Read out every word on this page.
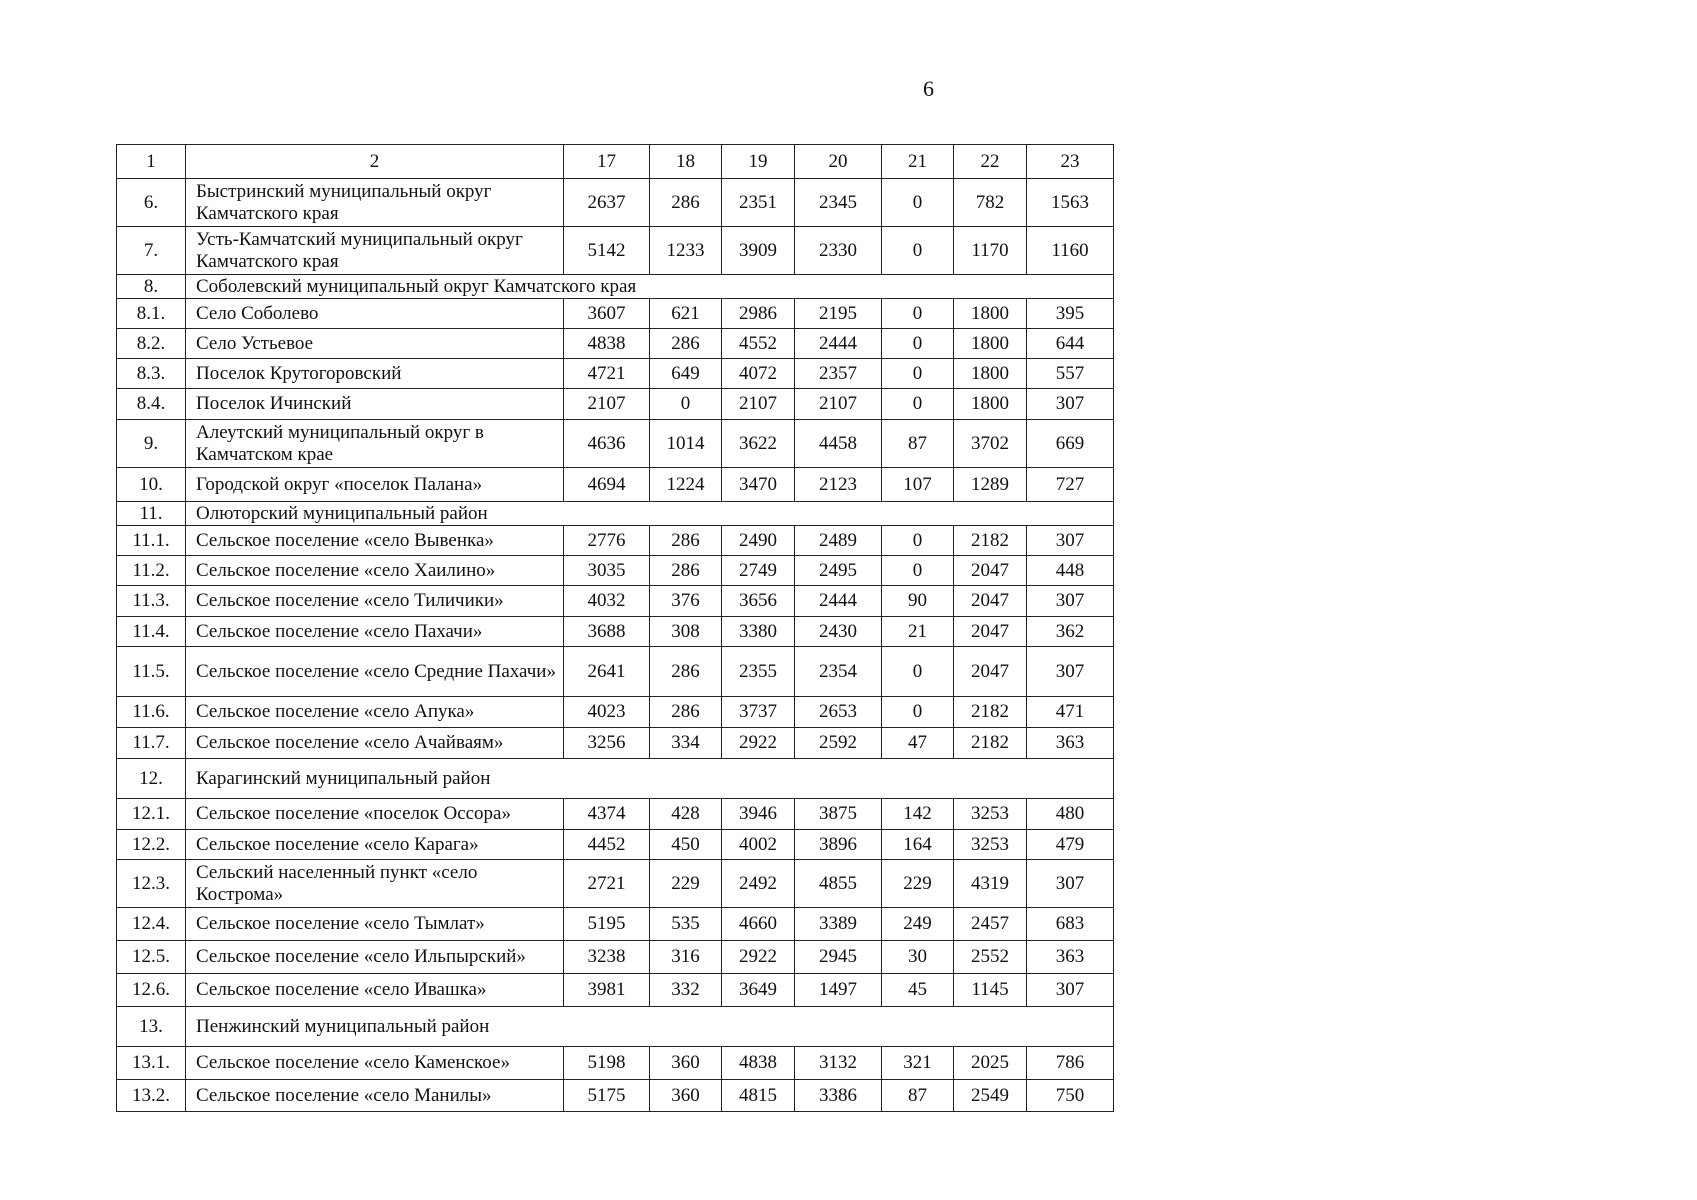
6
1	2	17	18	19	20	21	22	23
6.	Быстринский муниципальный округ Камчатского края	2637	286	2351	2345	0	782	1563
7.	Усть-Камчатский муниципальный округ Камчатского края	5142	1233	3909	2330	0	1170	1160
8.	Соболевский муниципальный округ Камчатского края							
8.1.	Село Соболево	3607	621	2986	2195	0	1800	395
8.2.	Село Устьевое	4838	286	4552	2444	0	1800	644
8.3.	Поселок Крутогоровский	4721	649	4072	2357	0	1800	557
8.4.	Поселок Ичинский	2107	0	2107	2107	0	1800	307
9.	Алеутский муниципальный округ в Камчатском крае	4636	1014	3622	4458	87	3702	669
10.	Городской округ «поселок Палана»	4694	1224	3470	2123	107	1289	727
11.	Олюторский муниципальный район							
11.1.	Сельское поселение «село Вывенка»	2776	286	2490	2489	0	2182	307
11.2.	Сельское поселение «село Хаилино»	3035	286	2749	2495	0	2047	448
11.3.	Сельское поселение «село Тиличики»	4032	376	3656	2444	90	2047	307
11.4.	Сельское поселение «село Пахачи»	3688	308	3380	2430	21	2047	362
11.5.	Сельское поселение «село Средние Пахачи»	2641	286	2355	2354	0	2047	307
11.6.	Сельское поселение «село Апука»	4023	286	3737	2653	0	2182	471
11.7.	Сельское поселение «село Ачайваям»	3256	334	2922	2592	47	2182	363
12.	Карагинский муниципальный район							
12.1.	Сельское поселение «поселок Оссора»	4374	428	3946	3875	142	3253	480
12.2.	Сельское поселение «село Карага»	4452	450	4002	3896	164	3253	479
12.3.	Сельский населенный пункт «село Кострома»	2721	229	2492	4855	229	4319	307
12.4.	Сельское поселение «село Тымлат»	5195	535	4660	3389	249	2457	683
12.5.	Сельское поселение «село Ильпырский»	3238	316	2922	2945	30	2552	363
12.6.	Сельское поселение «село Ивашка»	3981	332	3649	1497	45	1145	307
13.	Пенжинский муниципальный район							
13.1.	Сельское поселение «село Каменское»	5198	360	4838	3132	321	2025	786
13.2.	Сельское поселение «село Манилы»	5175	360	4815	3386	87	2549	750
